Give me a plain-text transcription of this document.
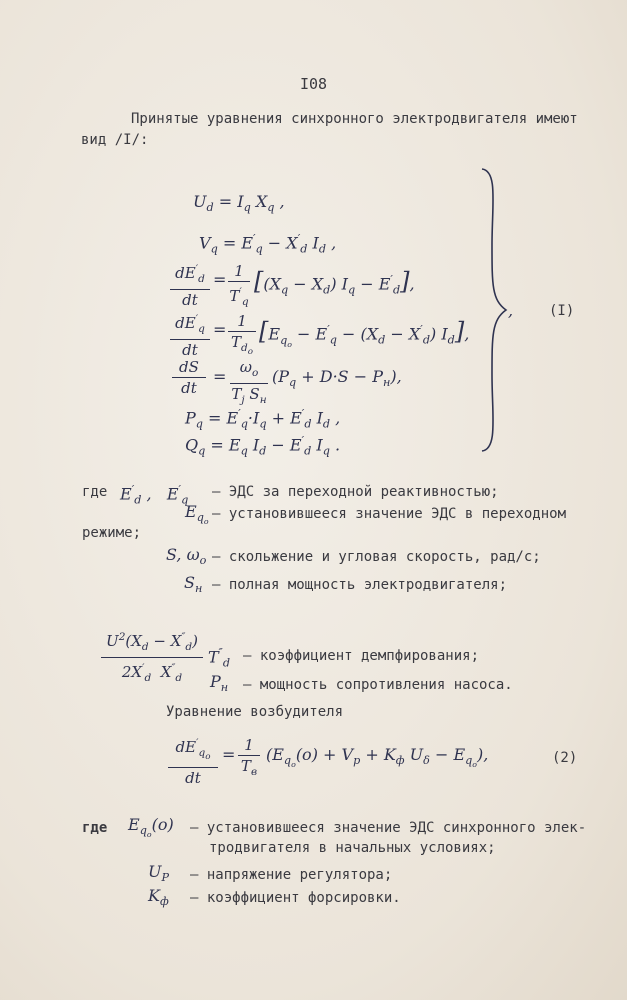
I08
Принятые уравнения синхронного электродвигателя имеют
вид /I/:
$U_d = I_q$ $X_q$ ,
$V_q = E'_q - X'_d$ $I_d$ ,
$dE'_d$
dt
= 1
$T'_q$
$[(X_q - X_d) I_q - E'_d]$,
$dE'_q$
dt
= 1
$T_{d_o}$
[$E_{q_o} - E'_q - (X_d - X'_d)$ $I_d$],
dS
dt
= $\omega_o$
$T_j$ $S_н$
$(P_q + D\cdot S - P_н)$,
$P_q = E'_q\cdot I_q + E'_d$ $I_d$ ,
$Q_q = E_q$ $I_d - E'_d$ $I_q$ .
,	(I)
где $E'_d$ ,   $E'_q$
– ЭДС за переходной реактивностью;
$E_{q_o}$ – установившееся значение ЭДС в переходном
режиме;
S, $\omega_o$ – скольжение и угловая скорость, рад/с;
$S_н$ – полная мощность электродвигателя;
$U^2(X_d - X''_d)$
$2X'_d$  $X''_d$
$T''_d$ – коэффициент демпфирования;
$P_н$ – мощность сопротивления насоса.
Уравнение возбудителя
$dE'_{q_o}$
dt
= 1
$T_в$
($E_{q_o}(o) + V_p + K_ф$ $U_\delta - E_{q_o}$),	(2)
где $E_{q_o}(o)$ – установившееся значение ЭДС синхронного элек-
тродвигателя в начальных условиях;
$U_P$ – напряжение регулятора;
$K_ф$ – коэффициент форсировки.
